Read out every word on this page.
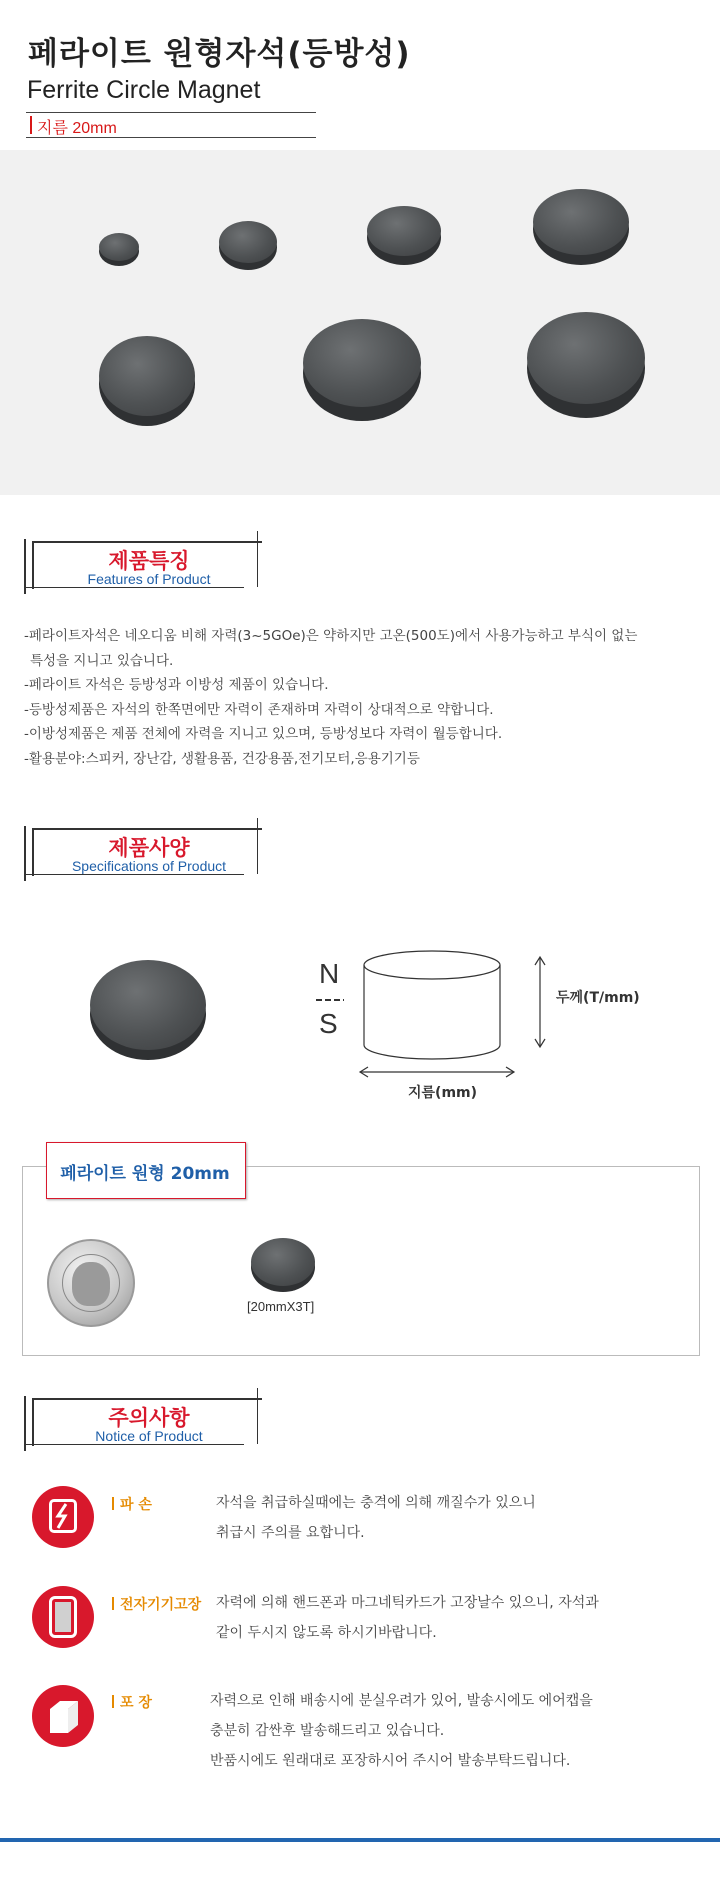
페라이트 원형자석(등방성)
Ferrite Circle Magnet
지름 20mm
제품특징
Features of Product
-페라이트자석은 네오디움 비해 자력(3~5GOe)은 약하지만 고온(500도)에서 사용가능하고 부식이 없는
특성을 지니고 있습니다.
-페라이트 자석은 등방성과 이방성 제품이 있습니다.
-등방성제품은 자석의 한쪽면에만 자력이 존재하며 자력이 상대적으로 약합니다.
-이방성제품은 제품 전체에 자력을 지니고 있으며, 등방성보다 자력이 월등합니다.
-활용분야:스피커, 장난감, 생활용품, 건강용품,전기모터,응용기기등
제품사양
Specifications of Product
N
S
두께(T/mm)
지름(mm)
페라이트 원형 20mm
[20mmX3T]
주의사항
Notice of Product
파 손	자석을 취급하실때에는 충격에 의해 깨질수가 있으니
취급시 주의를 요합니다.
전자기기고장 자력에 의해 핸드폰과 마그네틱카드가 고장날수 있으니, 자석과
같이 두시지 않도록 하시기바랍니다.
포 장	자력으로 인해 배송시에 분실우려가 있어, 발송시에도 에어캡을
충분히 감싼후 발송해드리고 있습니다.
반품시에도 원래대로 포장하시어 주시어 발송부탁드립니다.
